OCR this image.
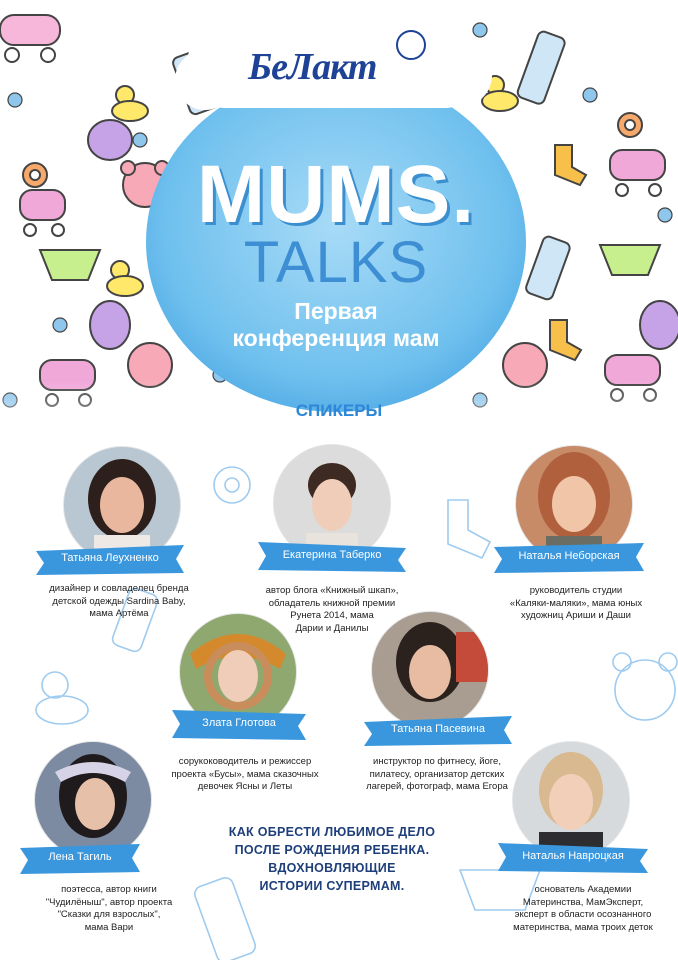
MUMS.
TALKS
Первая
конференция мам
БеЛакт
СПИКЕРЫ
Татьяна Леухненко
дизайнер и совладелец бренда
детской одежды Sardina Baby,
мама Артёма
Екатерина Таберко
автор блога «Книжный шкап»,
обладатель книжной премии
Рунета 2014, мама
Дарии и Данилы
Наталья Неборская
руководитель студии
«Каляки-маляки», мама юных
художниц Ариши и Даши
Злата Глотова
сорукоководитель и режиссер
проекта «Бусы», мама сказочных
девочек Ясны и Леты
Татьяна Пасевина
инструктор по фитнесу, йоге,
пилатесу, организатор детских
лагерей, фотограф, мама Егора
Лена Тагиль
поэтесса, автор книги
"Чудилёныш", автор проекта
"Сказки для взрослых",
мама Вари
Наталья Навроцкая
основатель Академии
Материнства, МамЭксперт,
эксперт в области осознанного
материнства, мама троих деток
КАК ОБРЕСТИ ЛЮБИМОЕ ДЕЛО
ПОСЛЕ РОЖДЕНИЯ РЕБЕНКА.
ВДОХНОВЛЯЮЩИЕ
ИСТОРИИ СУПЕРМАМ.
